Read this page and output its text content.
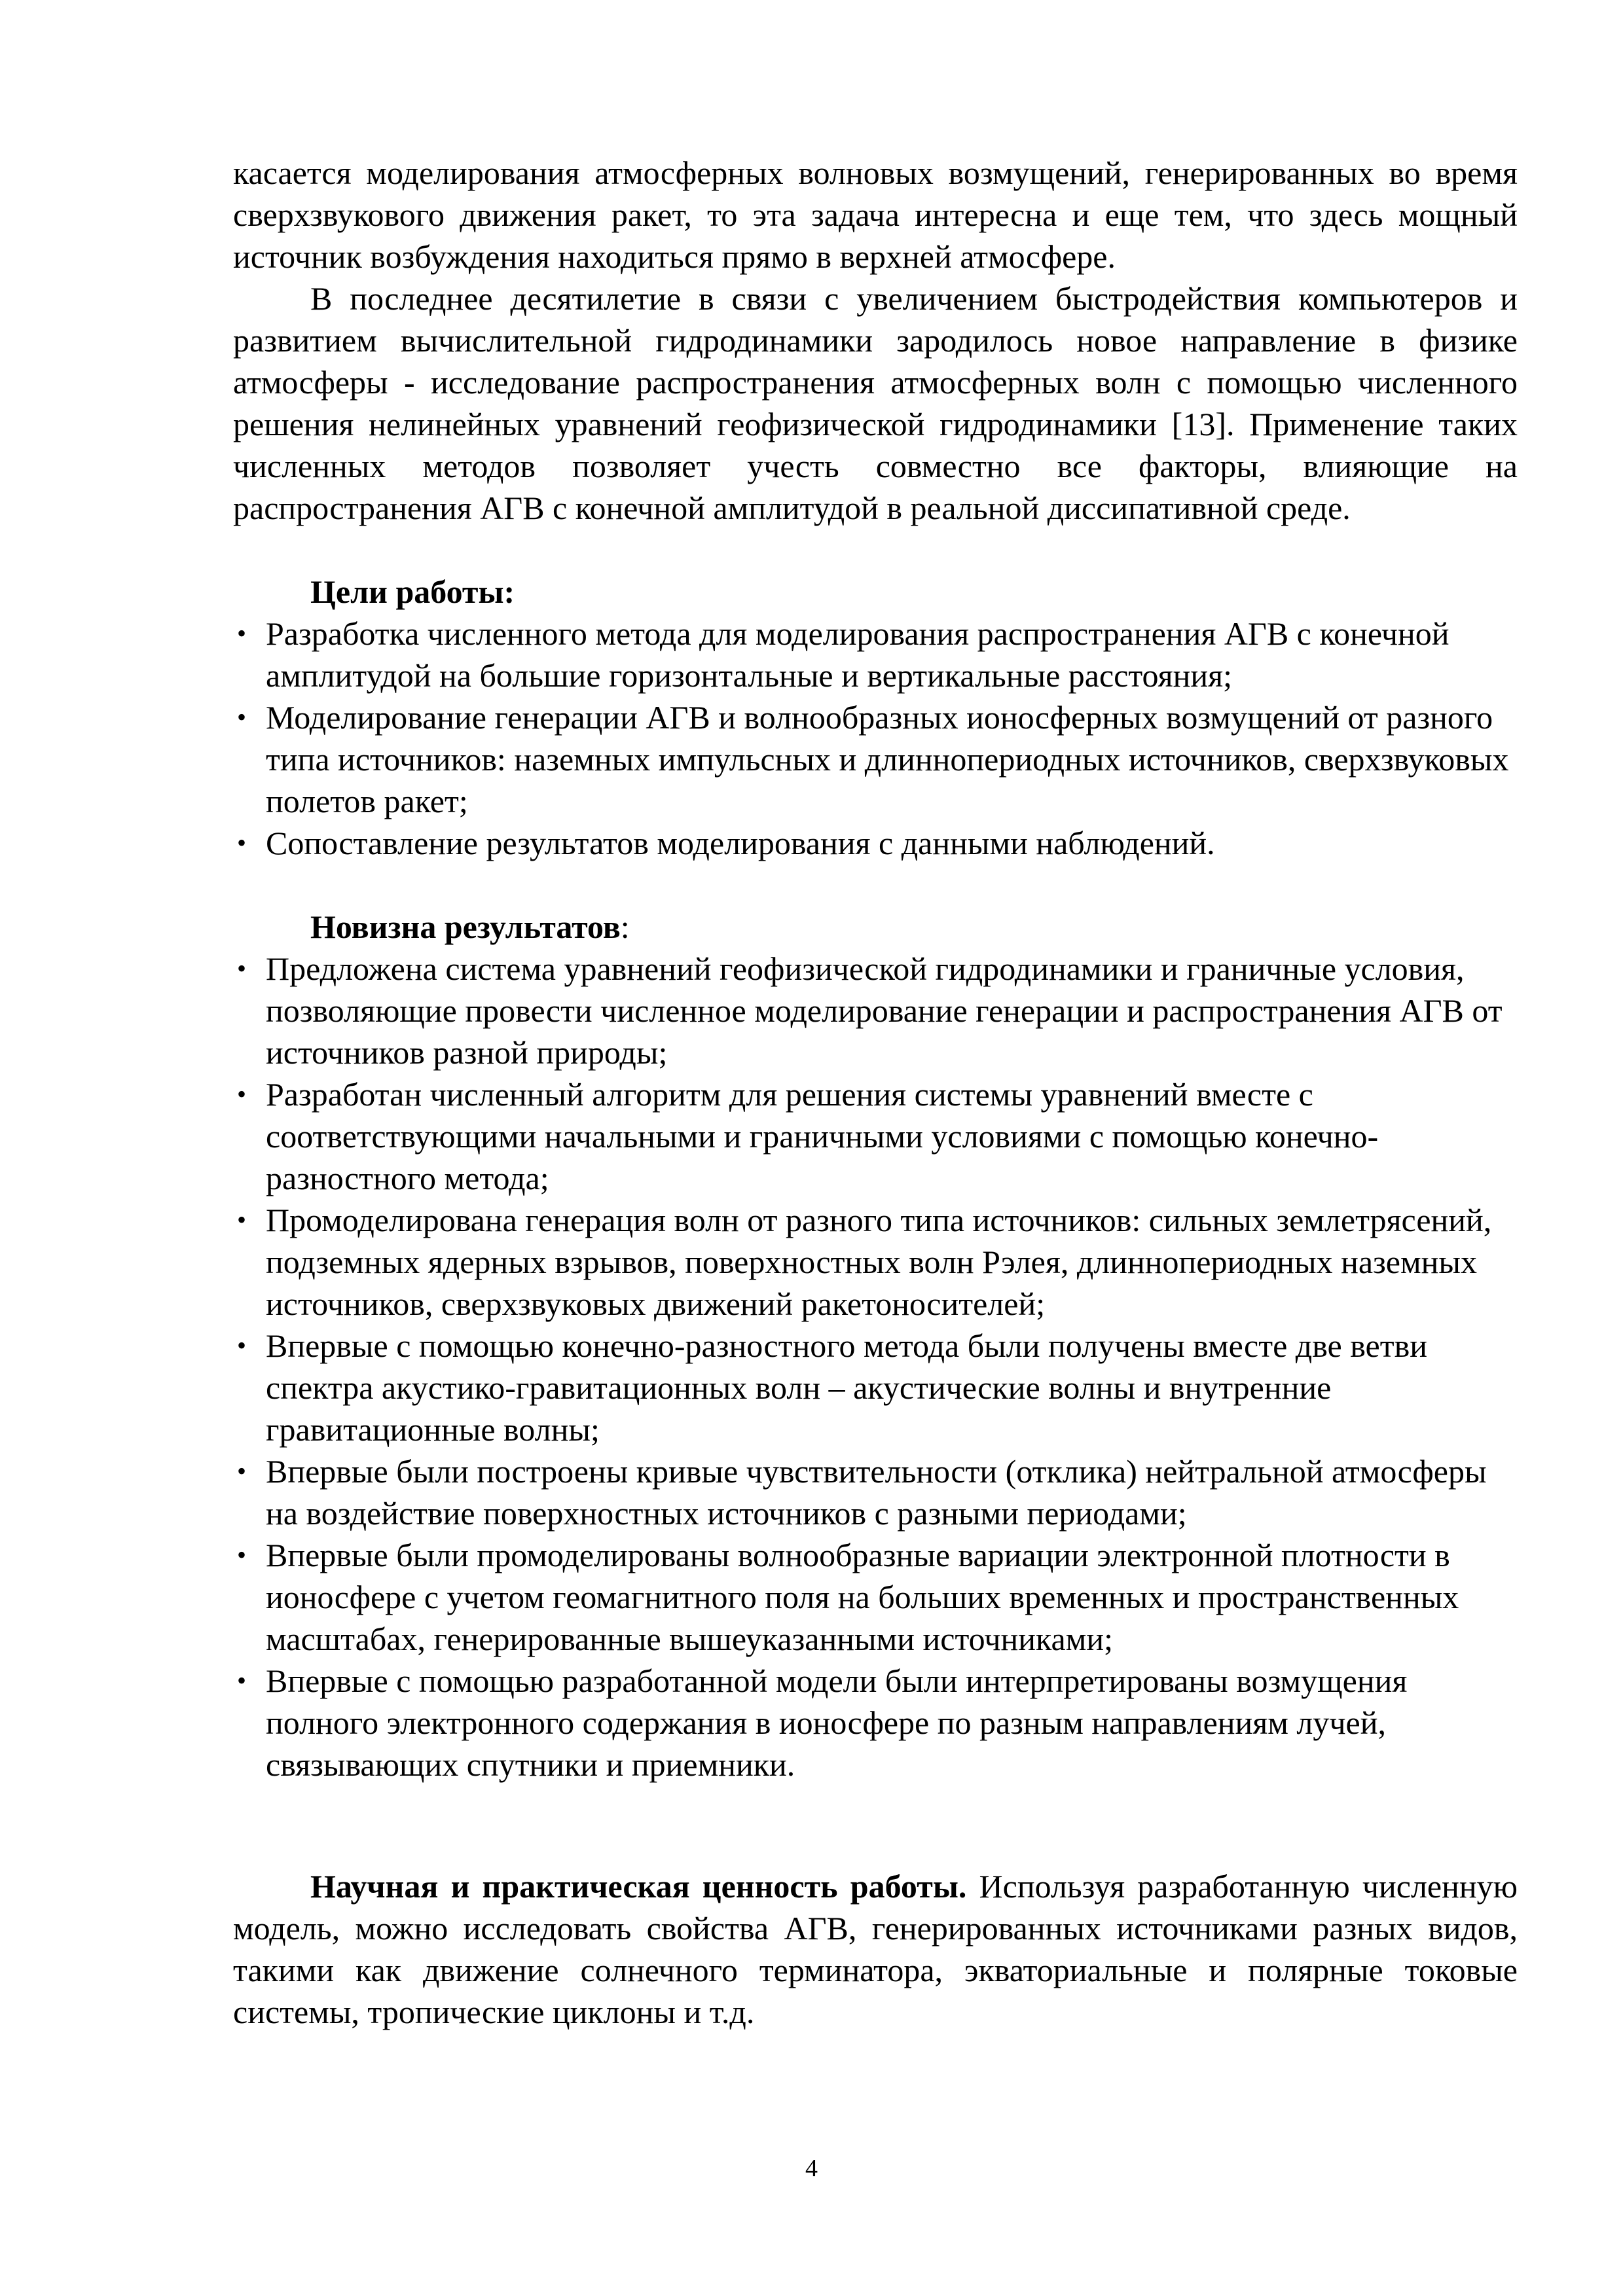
касается моделирования атмосферных волновых возмущений, генерированных во время сверхзвукового движения ракет, то эта задача интересна и еще тем, что здесь мощный источник возбуждения находиться прямо в верхней атмосфере.

В последнее десятилетие в связи с увеличением быстродействия компьютеров и развитием вычислительной гидродинамики зародилось новое направление в физике атмосферы - исследование распространения атмосферных волн с помощью численного решения нелинейных уравнений геофизической гидродинамики [13]. Применение таких численных методов позволяет учесть совместно все факторы, влияющие на распространения АГВ с конечной амплитудой в реальной диссипативной среде.

Цели работы:
• Разработка численного метода для моделирования распространения АГВ с конечной амплитудой на большие горизонтальные и вертикальные расстояния;
• Моделирование генерации АГВ и волнообразных ионосферных возмущений от разного типа источников: наземных импульсных и длиннопериодных источников, сверхзвуковых полетов ракет;
• Сопоставление результатов моделирования с данными наблюдений.
Новизна результатов:
• Предложена система уравнений геофизической гидродинамики и граничные условия, позволяющие провести численное моделирование генерации и распространения АГВ от источников разной природы;
• Разработан численный алгоритм для решения системы уравнений вместе с соответствующими начальными и граничными условиями с помощью конечно-разностного метода;
• Промоделирована генерация волн от разного типа источников: сильных землетрясений, подземных ядерных взрывов, поверхностных волн Рэлея, длиннопериодных наземных источников, сверхзвуковых движений ракетоносителей;
• Впервые с помощью конечно-разностного метода были получены вместе две ветви спектра акустико-гравитационных волн – акустические волны и внутренние гравитационные волны;
• Впервые были построены кривые чувствительности (отклика) нейтральной атмосферы на воздействие поверхностных источников с разными периодами;
• Впервые были промоделированы волнообразные вариации электронной плотности в ионосфере с учетом геомагнитного поля на больших временных и пространственных масштабах, генерированные вышеуказанными источниками;
• Впервые с помощью разработанной модели были интерпретированы возмущения полного электронного содержания в ионосфере по разным направлениям лучей, связывающих спутники и приемники.

Научная и практическая ценность работы. Используя разработанную численную модель, можно исследовать свойства АГВ, генерированных источниками разных видов, такими как движение солнечного терминатора, экваториальные и полярные токовые системы, тропические циклоны и т.д.

4
